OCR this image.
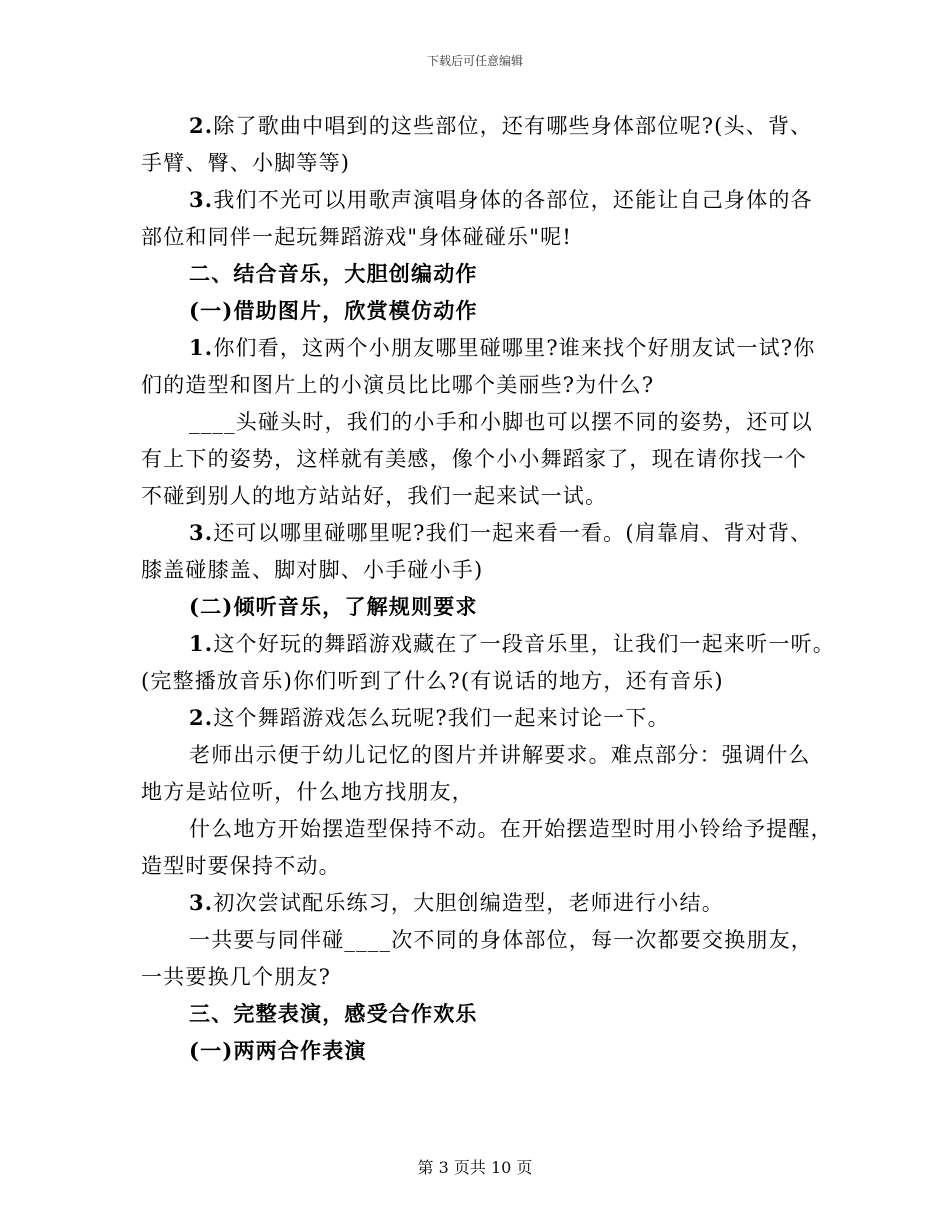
下载后可任意编辑
2.除了歌曲中唱到的这些部位，还有哪些身体部位呢?(头、背、
手臂、臀、小脚等等)
3.我们不光可以用歌声演唱身体的各部位，还能让自己身体的各
部位和同伴一起玩舞蹈游戏"身体碰碰乐"呢!
二、结合音乐，大胆创编动作
(一)借助图片，欣赏模仿动作
1.你们看，这两个小朋友哪里碰哪里?谁来找个好朋友试一试?你
们的造型和图片上的小演员比比哪个美丽些?为什么?
____头碰头时，我们的小手和小脚也可以摆不同的姿势，还可以
有上下的姿势，这样就有美感，像个小小舞蹈家了，现在请你找一个
不碰到别人的地方站站好，我们一起来试一试。
3.还可以哪里碰哪里呢?我们一起来看一看。(肩靠肩、背对背、
膝盖碰膝盖、脚对脚、小手碰小手)
(二)倾听音乐，了解规则要求
1.这个好玩的舞蹈游戏藏在了一段音乐里，让我们一起来听一听。
(完整播放音乐)你们听到了什么?(有说话的地方，还有音乐)
2.这个舞蹈游戏怎么玩呢?我们一起来讨论一下。
老师出示便于幼儿记忆的图片并讲解要求。难点部分：强调什么
地方是站位听，什么地方找朋友，
什么地方开始摆造型保持不动。在开始摆造型时用小铃给予提醒，
造型时要保持不动。
3.初次尝试配乐练习，大胆创编造型，老师进行小结。
一共要与同伴碰____次不同的身体部位，每一次都要交换朋友，
一共要换几个朋友?
三、完整表演，感受合作欢乐
(一)两两合作表演
第 3 页共 10 页
